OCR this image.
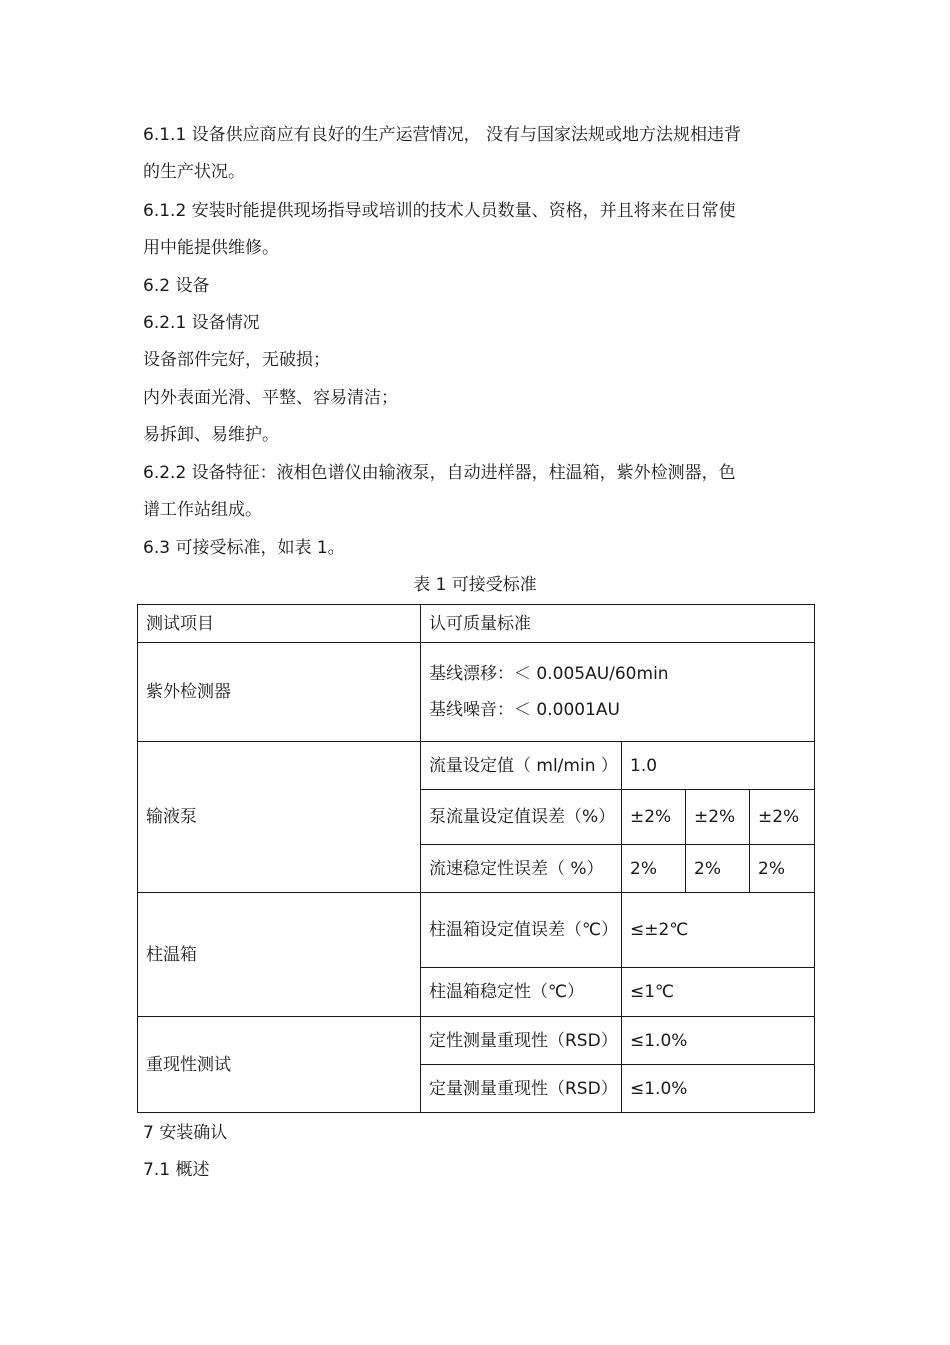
6.1.1 设备供应商应有良好的生产运营情况， 没有与国家法规或地方法规相违背
的生产状况。
6.1.2 安装时能提供现场指导或培训的技术人员数量、资格，并且将来在日常使
用中能提供维修。
6.2 设备
6.2.1 设备情况
设备部件完好，无破损；
内外表面光滑、平整、容易清洁；
易拆卸、易维护。
6.2.2 设备特征：液相色谱仪由输液泵，自动进样器，柱温箱，紫外检测器，色
谱工作站组成。
6.3 可接受标准，如表 1。
表 1 可接受标准
测试项目	认可质量标准			
紫外检测器	基线漂移：＜ 0.005AU/60min
基线噪音：＜ 0.0001AU			

输液泵	流量设定值（ ml/min ）	1.0		
	泵流量设定值误差（%）	±2%	±2%	±2%
	流速稳定性误差（ %）	2%	2%	2%
柱温箱	柱温箱设定值误差（℃）	≤±2℃		
	柱温箱稳定性（℃）	≤1℃		
重现性测试	定性测量重现性（RSD）	≤1.0%		
	定量测量重现性（RSD）	≤1.0%		
7 安装确认
7.1 概述
